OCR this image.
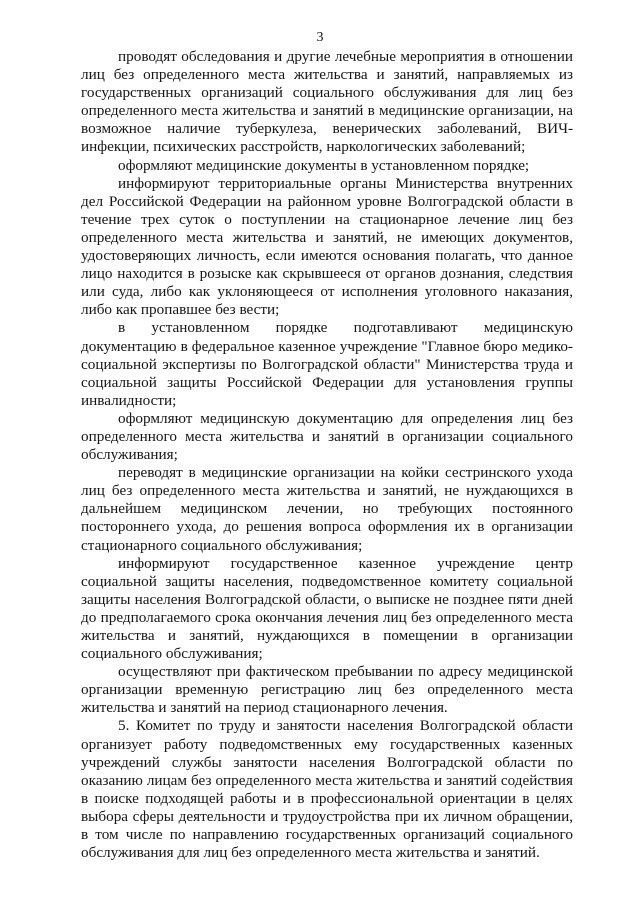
3

проводят обследования и другие лечебные мероприятия в отношении лиц без определенного места жительства и занятий, направляемых из государственных организаций социального обслуживания для лиц без определенного места жительства и занятий в медицинские организации, на возможное наличие туберкулеза, венерических заболеваний, ВИЧ-инфекции, психических расстройств, наркологических заболеваний;

оформляют медицинские документы в установленном порядке;

информируют территориальные органы Министерства внутренних дел Российской Федерации на районном уровне Волгоградской области в течение трех суток о поступлении на стационарное лечение лиц без определенного места жительства и занятий, не имеющих документов, удостоверяющих личность, если имеются основания полагать, что данное лицо находится в розыске как скрывшееся от органов дознания, следствия или суда, либо как уклоняющееся от исполнения уголовного наказания, либо как пропавшее без вести;

в установленном порядке подготавливают медицинскую документацию в федеральное казенное учреждение "Главное бюро медико-социальной экспертизы по Волгоградской области" Министерства труда и социальной защиты Российской Федерации для установления группы инвалидности;

оформляют медицинскую документацию для определения лиц без определенного места жительства и занятий в организации социального обслуживания;

переводят в медицинские организации на койки сестринского ухода лиц без определенного места жительства и занятий, не нуждающихся в дальнейшем медицинском лечении, но требующих постоянного постороннего ухода, до решения вопроса оформления их в организации стационарного социального обслуживания;

информируют государственное казенное учреждение центр социальной защиты населения, подведомственное комитету социальной защиты населения Волгоградской области, о выписке не позднее пяти дней до предполагаемого срока окончания лечения лиц без определенного места жительства и занятий, нуждающихся в помещении в организации социального обслуживания;

осуществляют при фактическом пребывании по адресу медицинской организации временную регистрацию лиц без определенного места жительства и занятий на период стационарного лечения.

5. Комитет по труду и занятости населения Волгоградской области организует работу подведомственных ему государственных казенных учреждений службы занятости населения Волгоградской области по оказанию лицам без определенного места жительства и занятий содействия в поиске подходящей работы и в профессиональной ориентации в целях выбора сферы деятельности и трудоустройства при их личном обращении, в том числе по направлению государственных организаций социального обслуживания для лиц без определенного места жительства и занятий.
